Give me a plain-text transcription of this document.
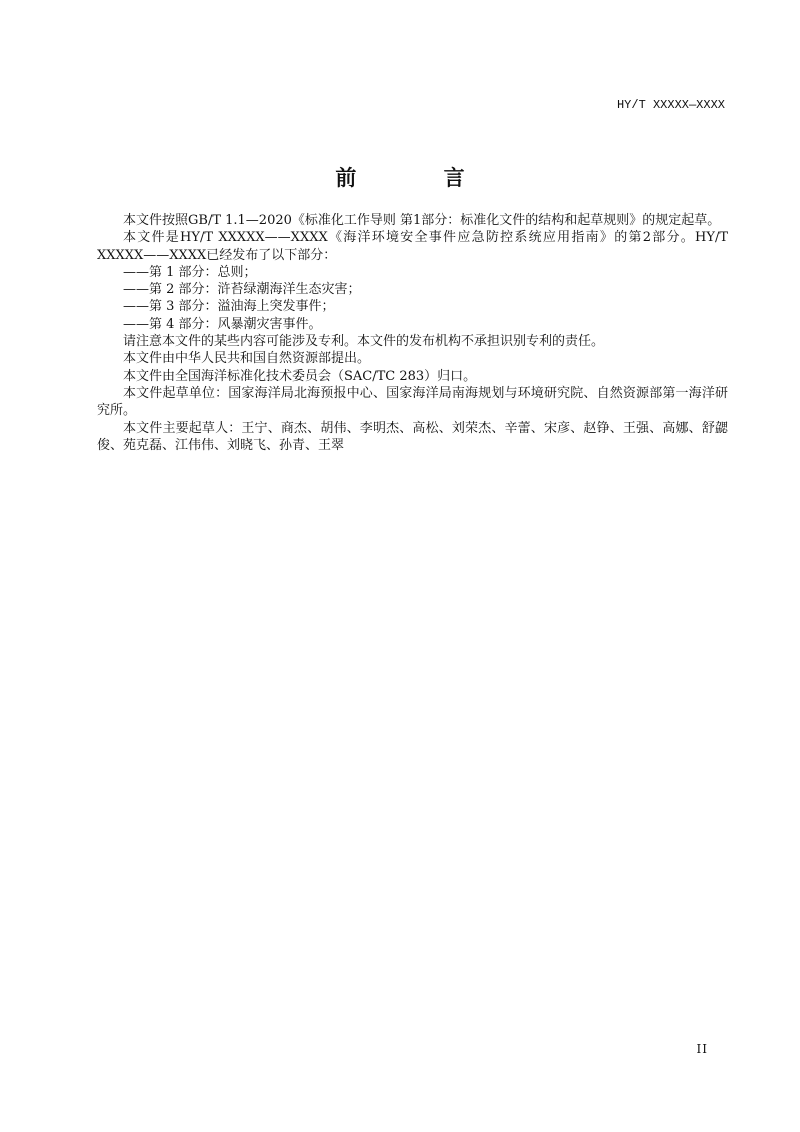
HY/T XXXXX—XXXX
前 言

本文件按照GB/T 1.1—2020《标准化工作导则 第1部分：标准化文件的结构和起草规则》的规定起草。

本文件是HY/T XXXXX——XXXX《海洋环境安全事件应急防控系统应用指南》的第2部分。HY/T XXXXX——XXXX已经发布了以下部分：

——第 1 部分：总则；

——第 2 部分：浒苔绿潮海洋生态灾害；

——第 3 部分：溢油海上突发事件；

——第 4 部分：风暴潮灾害事件。

请注意本文件的某些内容可能涉及专利。本文件的发布机构不承担识别专利的责任。

本文件由中华人民共和国自然资源部提出。

本文件由全国海洋标准化技术委员会（SAC/TC 283）归口。

本文件起草单位：国家海洋局北海预报中心、国家海洋局南海规划与环境研究院、自然资源部第一海洋研究所。

本文件主要起草人：王宁、商杰、胡伟、李明杰、高松、刘荣杰、辛蕾、宋彦、赵铮、王强、高娜、舒勰俊、苑克磊、江伟伟、刘晓飞、孙青、王翠

II
